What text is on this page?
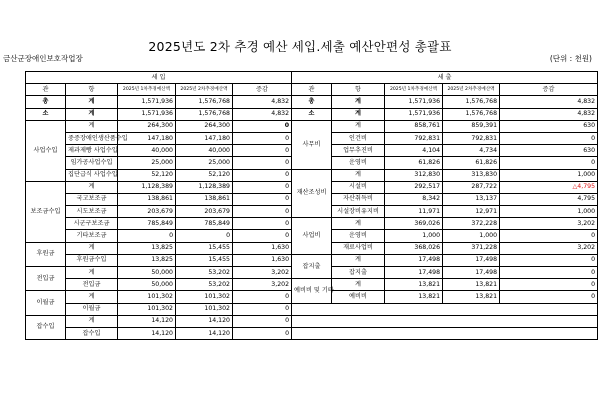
2025년도 2차 추경 예산 세입.세출 예산안편성 총괄표
금산군장애인보호작업장	(단위 : 천원)
세 입					세 출				
관	항	2025년 1차추경예산액	2025년 2차추경예산액	증감	관	항	2025년 1차추경예산액	2025년 2차추경예산액	증감
총	계	1,571,936	1,576,768	4,832	총	계	1,571,936	1,576,768	4,832
소	계	1,571,936	1,576,768	4,832	소	계	1,571,936	1,576,768	4,832
사업수입	계	264,300	264,300	0	사무비	계	858,761	859,391	630
	중증장애인생산품수입	147,180	147,180	0		인건비	792,831	792,831	0
	제과제빵 사업수입	40,000	40,000	0		업무추진비	4,104	4,734	630
	임가공사업수입	25,000	25,000	0		운영비	61,826	61,826	0
	집단급식 사업수입	52,120	52,120	0	재산조성비	계	312,830	313,830	1,000
보조금수입	계	1,128,389	1,128,389	0		시설비	292,517	287,722	△4,795
	국고보조금	138,861	138,861	0		자산취득비	8,342	13,137	4,795
	시도보조금	203,679	203,679	0		시설장비유지비	11,971	12,971	1,000
	시군구보조금	785,849	785,849	0	사업비	계	369,026	372,228	3,202
	기타보조금	0	0	0		운영비	1,000	1,000	0
후원금	계	13,825	15,455	1,630		재료사업비	368,026	371,228	3,202
	후원금수입	13,825	15,455	1,630	잡지출	계	17,498	17,498	0
전입금	계	50,000	53,202	3,202		잡지출	17,498	17,498	0
	전입금	50,000	53,202	3,202	예비비 및 기타	계	13,821	13,821	0
이월금	계	101,302	101,302	0		예비비	13,821	13,821	0
	이월금	101,302	101,302	0					
잡수입	계	14,120	14,120	0					
	잡수입	14,120	14,120	0					
